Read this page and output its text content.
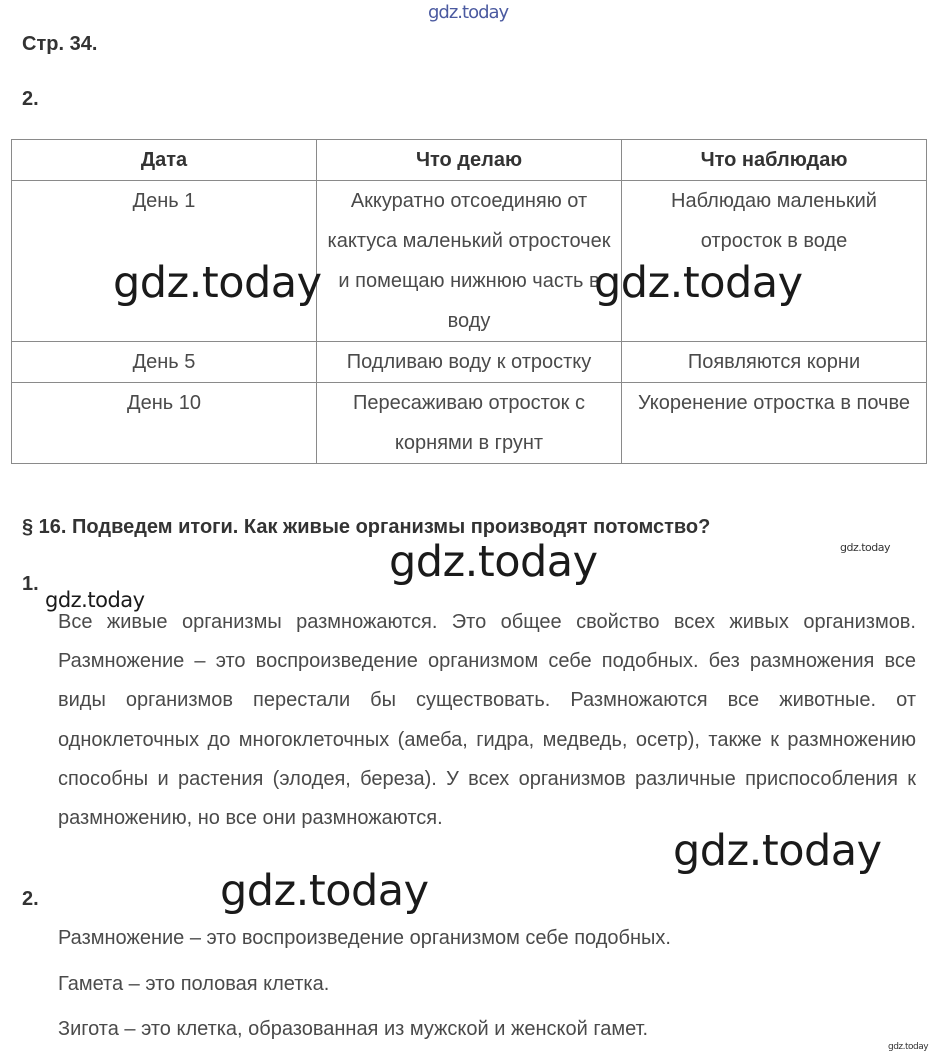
gdz.today
Стр. 34.
2.
Дата	Что делаю	Что наблюдаю
День 1	Аккуратно отсоединяю от кактуса маленький отросточек и помещаю нижнюю часть в воду	Наблюдаю маленький отросток в воде
День 5	Подливаю воду к отростку	Появляются корни
День 10	Пересаживаю отросток с корнями в грунт	Укоренение отростка в почве
§ 16. Подведем итоги. Как живые организмы производят потомство?
1.
Все живые организмы размножаются. Это общее свойство всех живых организмов. Размножение – это воспроизведение организмом себе подобных. без размножения все виды организмов перестали бы существовать. Размножаются все животные. от одноклеточных до многоклеточных (амеба, гидра, медведь, осетр), также к размножению способны и растения (элодея, береза). У всех организмов различные приспособления к размножению, но все они размножаются.
2.
Размножение – это воспроизведение организмом себе подобных.
Гамета – это половая клетка.
Зигота – это клетка, образованная из мужской и женской гамет.
gdz.today	gdz.today
gdz.today	gdz.today
gdz.today
gdz.today
gdz.today
gdz.today
